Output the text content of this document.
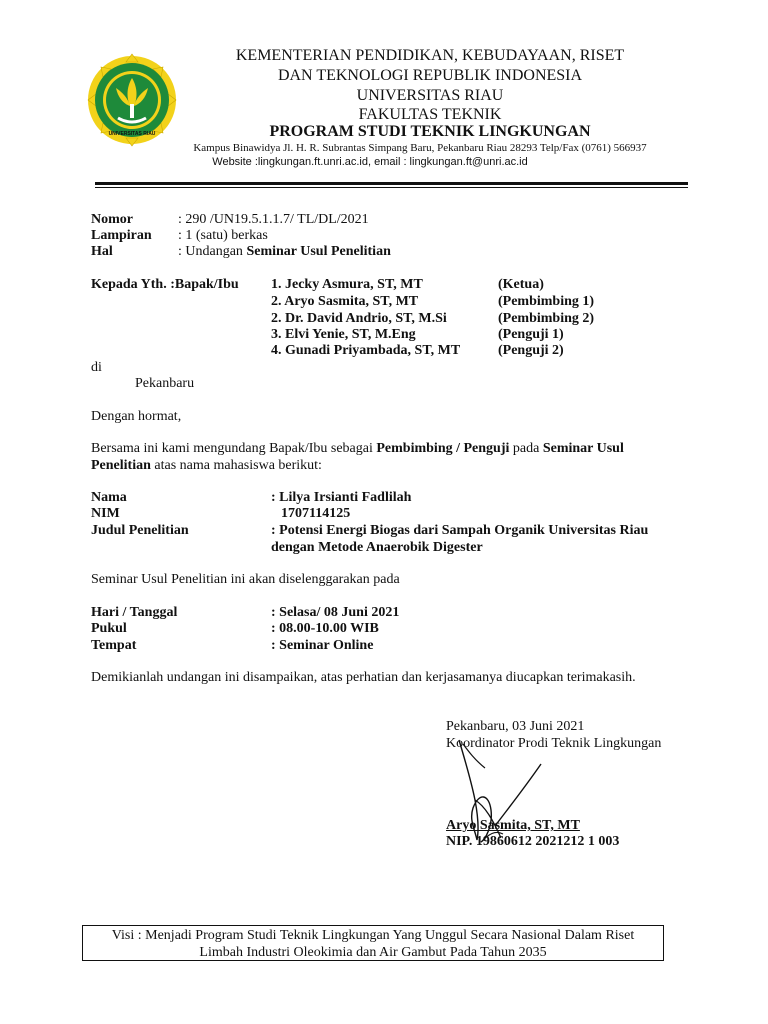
UNIVERSITAS RIAU
KEMENTERIAN PENDIDIKAN, KEBUDAYAAN, RISET
DAN TEKNOLOGI REPUBLIK INDONESIA
UNIVERSITAS RIAU
FAKULTAS TEKNIK
PROGRAM STUDI TEKNIK LINGKUNGAN
Kampus Binawidya Jl. H. R. Subrantas Simpang Baru, Pekanbaru Riau 28293 Telp/Fax (0761) 566937
Website :lingkungan.ft.unri.ac.id, email : lingkungan.ft@unri.ac.id
Nomor	: 290 /UN19.5.1.1.7/ TL/DL/2021
Lampiran : 1 (satu) berkas
Hal	: Undangan Seminar Usul Penelitian
Kepada Yth. :Bapak/Ibu 1. Jecky Asmura, ST, MT	(Ketua)
2. Aryo Sasmita, ST, MT	(Pembimbing 1)
2. Dr. David Andrio, ST, M.Si	(Pembimbing 2)
3. Elvi Yenie, ST, M.Eng	(Penguji 1)
4. Gunadi Priyambada, ST, MT	(Penguji 2)
di
Pekanbaru
Dengan hormat,
Bersama ini kami mengundang Bapak/Ibu sebagai Pembimbing / Penguji pada Seminar Usul
Penelitian atas nama mahasiswa berikut:
Nama	: Lilya Irsianti Fadlilah
NIM	1707114125
Judul Penelitian	: Potensi Energi Biogas dari Sampah Organik Universitas Riau
dengan Metode Anaerobik Digester
Seminar Usul Penelitian ini akan diselenggarakan pada
Hari / Tanggal	: Selasa/ 08 Juni 2021
Pukul	: 08.00-10.00 WIB
Tempat	: Seminar Online
Demikianlah undangan ini disampaikan, atas perhatian dan kerjasamanya diucapkan terimakasih.
Pekanbaru, 03 Juni 2021
Koordinator Prodi Teknik Lingkungan
Aryo Sasmita, ST, MT
NIP. 19860612 2021212 1 003
Visi : Menjadi Program Studi Teknik Lingkungan Yang Unggul Secara Nasional Dalam Riset
Limbah Industri Oleokimia dan Air Gambut Pada Tahun 2035
